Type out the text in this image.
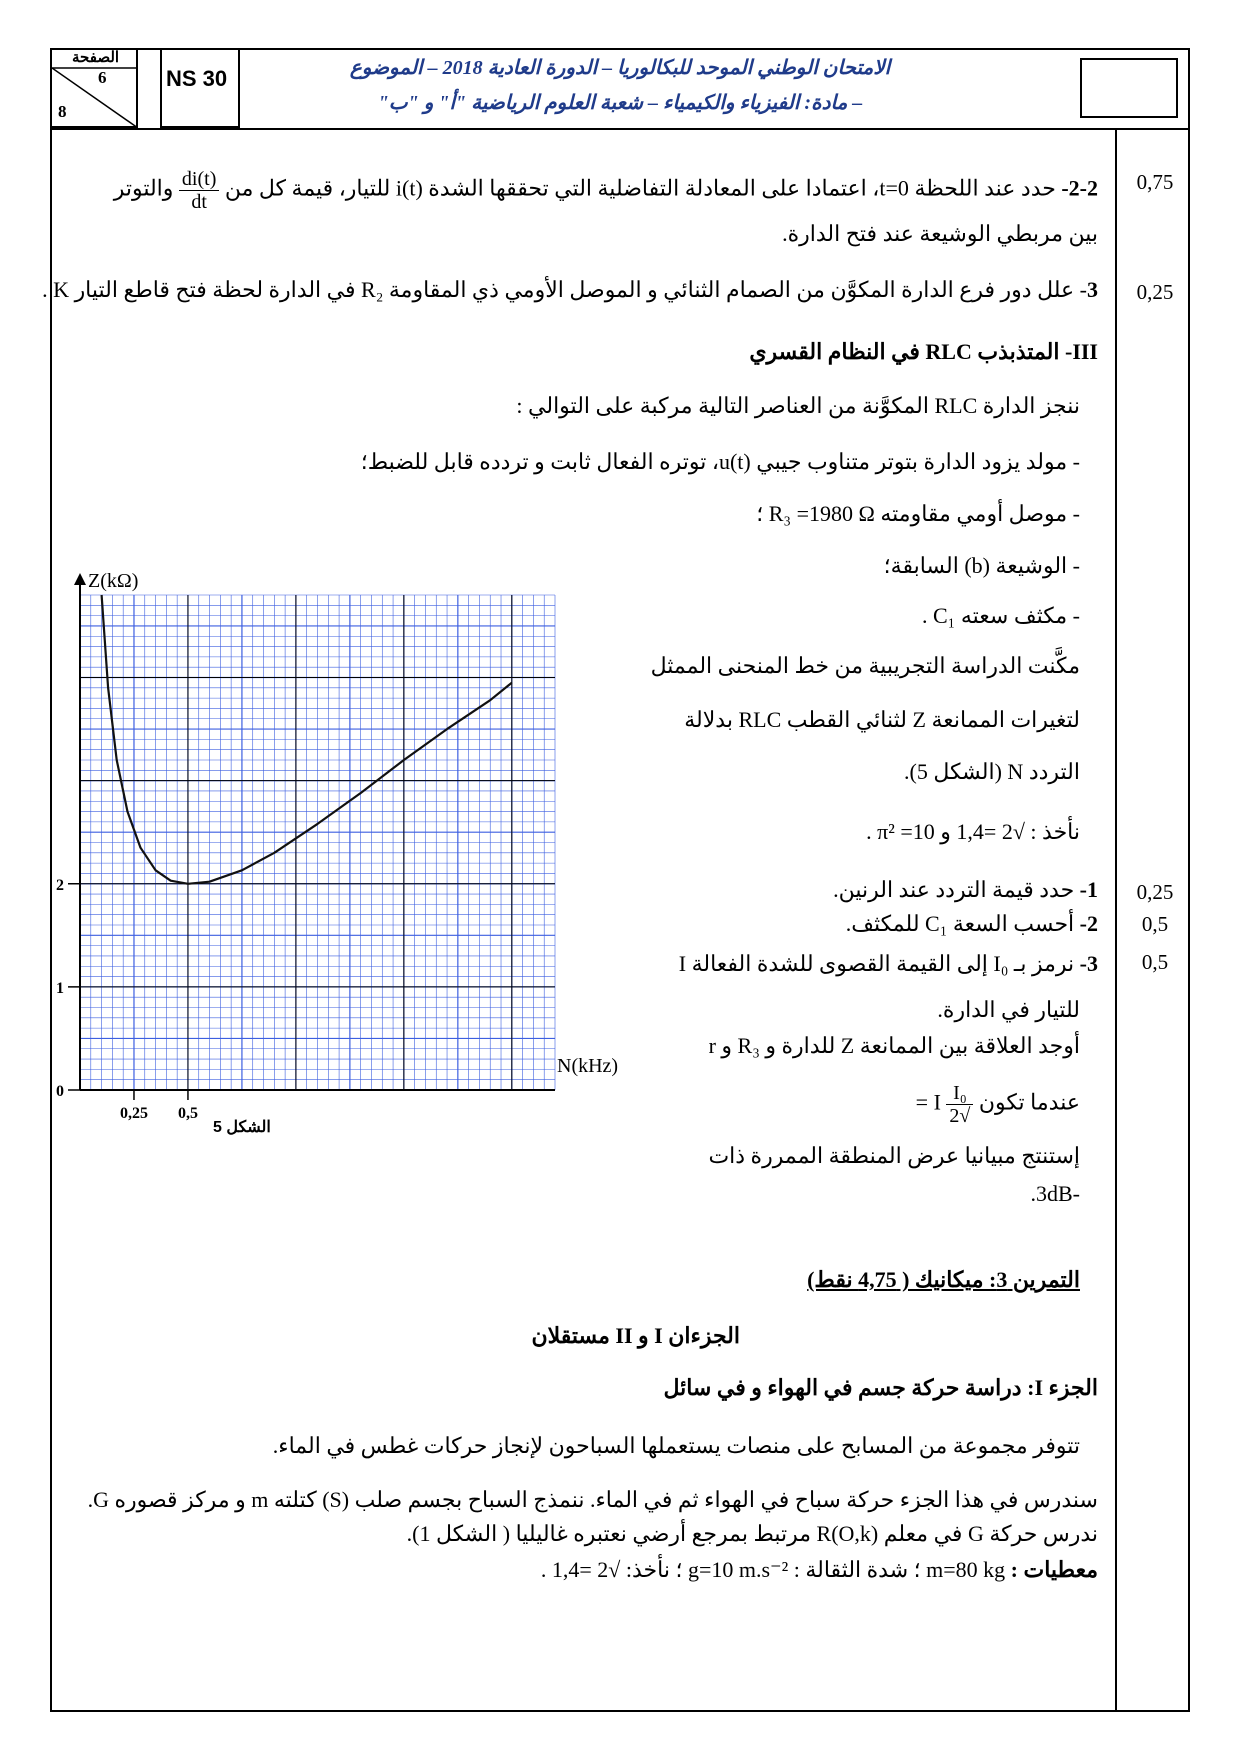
الصفحة
6
8
NS 30	الامتحان الوطني الموحد للبكالوريا – الدورة العادية 2018 – الموضوع
– مادة: الفيزياء والكيمياء – شعبة العلوم الرياضية "أ" و "ب"
0,75
0,25
0,25
0,5
0,5
2-2- حدد عند اللحظة t=0، اعتمادا على المعادلة التفاضلية التي تحققها الشدة i(t) للتيار، قيمة كل من
$\frac{di(t)}{dt}$
والتوتر
بين مربطي الوشيعة عند فتح الدارة.
3- علل دور فرع الدارة المكوَّن من الصمام الثنائي و الموصل الأومي ذي المقاومة R₂ في الدارة لحظة فتح قاطع التيار K .
III- المتذبذب RLC في النظام القسري
ننجز الدارة RLC المكوَّنة من العناصر التالية مركبة على التوالي :
- مولد يزود الدارة بتوتر متناوب جيبي u(t)، توتره الفعال ثابت و تردده قابل للضبط؛
- موصل أومي مقاومته R₃ =1980 Ω ؛
- الوشيعة (b) السابقة؛
- مكثف سعته C₁ .
مكَّنت الدراسة التجريبية من خط المنحنى الممثل
لتغيرات الممانعة Z لثنائي القطب RLC بدلالة
التردد N (الشكل 5).
نأخذ : √2 =1,4 و π² =10 .
1- حدد قيمة التردد عند الرنين.
2- أحسب السعة C₁ للمكثف.
3- نرمز بـ I₀ إلى القيمة القصوى للشدة الفعالة I
للتيار في الدارة.
أوجد العلاقة بين الممانعة Z للدارة و R₃ و r
عندما تكون
$\frac{\text{I₀}}{√2}$
I =
إستنتج مبيانيا عرض المنطقة الممررة ذات
-3dB.
0
1
2
0,25 0,5
Z(kΩ)
N(kHz)
الشكل 5
التمرين 3: ميكانيك ( 4,75 نقط)
الجزءان I و II مستقلان
الجزء I: دراسة حركة جسم في الهواء و في سائل
تتوفر مجموعة من المسابح على منصات يستعملها السباحون لإنجاز حركات غطس في الماء.
سندرس في هذا الجزء حركة سباح في الهواء ثم في الماء. ننمذج السباح بجسم صلب (S) كتلته m و مركز قصوره G.
ندرس حركة G في معلم R(O,k) مرتبط بمرجع أرضي نعتبره غاليليا ( الشكل 1).
معطيات : m=80 kg ؛ شدة الثقالة : g=10 m.s⁻² ؛ نأخذ: √2 =1,4 .
